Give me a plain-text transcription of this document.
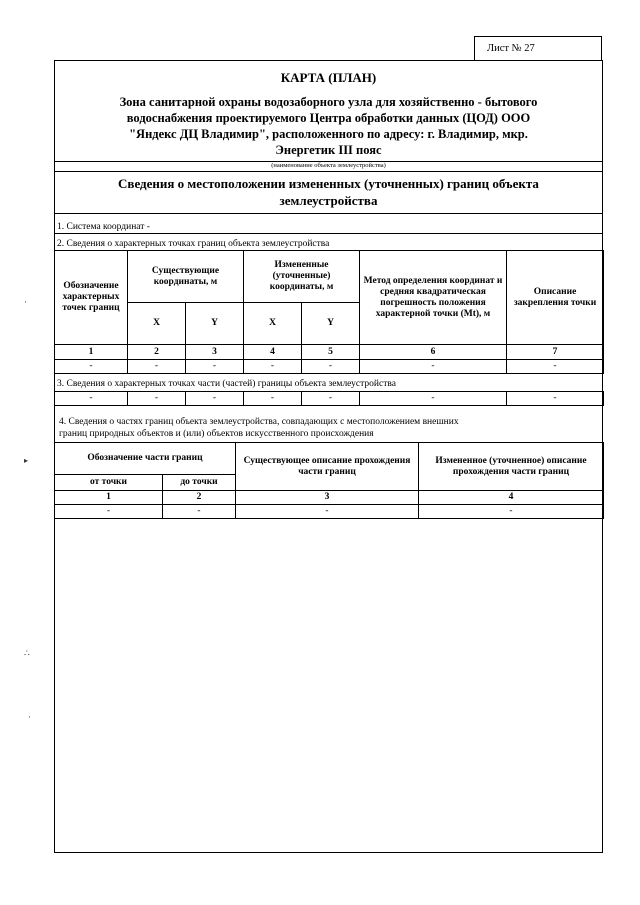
Лист № 27
КАРТА (ПЛАН)
Зона санитарной охраны водозаборного узла для хозяйственно - бытового
водоснабжения проектируемого Центра обработки данных (ЦОД) ООО
"Яндекс ДЦ Владимир", расположенного по адресу: г. Владимир, мкр.
Энергетик III пояс
(наименование объекта землеустройства)
Сведения о местоположении измененных (уточненных) границ объекта
землеустройства
1. Система координат -
2. Сведения о характерных точках границ объекта землеустройства
Обозначение характерных точек границ	Существующие координаты, м		Измененные (уточненные) координаты, м		Метод определения координат и средняя квадратическая погрешность положения характерной точки (Mt), м	Описание закрепления точки
	X	Y	X	Y		
1	2	3	4	5	6	7
-	-	-	-	-	-	-
3. Сведения о характерных точках части (частей) границы объекта землеустройства
-	-	-	-	-	-	-
4. Сведения о частях границ объекта землеустройства, совпадающих с местоположением внешних
границ природных объектов и (или) объектов искусственного происхождения
Обозначение части границ		Существующее описание прохождения части границ	Измененное (уточненное) описание прохождения части границ
от точки	до точки		
1	2	3	4
-	-	-	-
·
▸
∴
·
